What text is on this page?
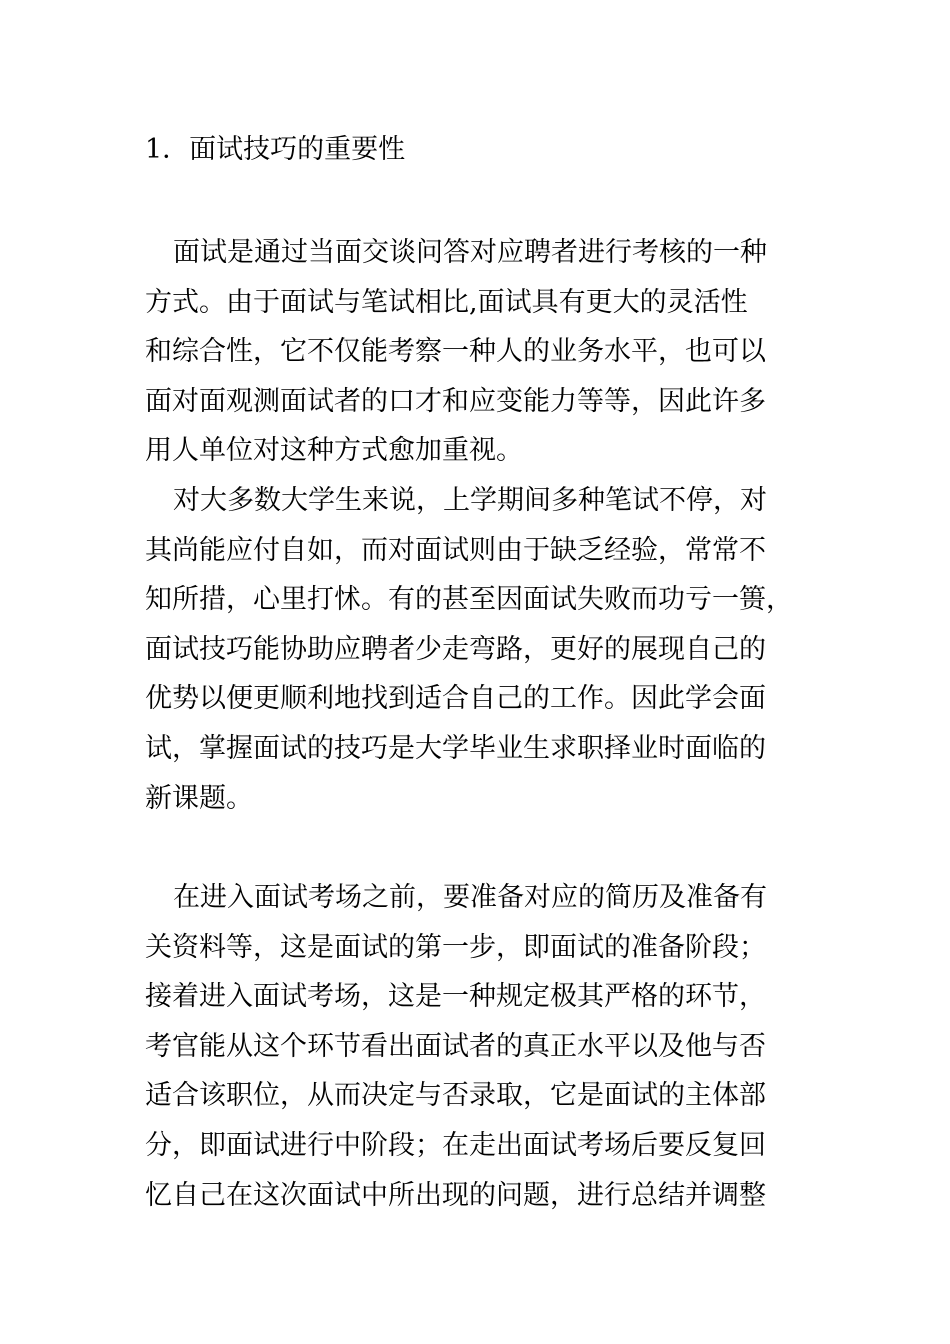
1．面试技巧的重要性
面试是通过当面交谈问答对应聘者进行考核的一种
方式。由于面试与笔试相比,面试具有更大的灵活性
和综合性，它不仅能考察一种人的业务水平，也可以
面对面观测面试者的口才和应变能力等等，因此许多
用人单位对这种方式愈加重视。
对大多数大学生来说，上学期间多种笔试不停，对
其尚能应付自如，而对面试则由于缺乏经验，常常不
知所措，心里打怵。有的甚至因面试失败而功亏一篑，
面试技巧能协助应聘者少走弯路，更好的展现自己的
优势以便更顺利地找到适合自己的工作。因此学会面
试，掌握面试的技巧是大学毕业生求职择业时面临的
新课题。
在进入面试考场之前，要准备对应的简历及准备有
关资料等，这是面试的第一步，即面试的准备阶段；
接着进入面试考场，这是一种规定极其严格的环节，
考官能从这个环节看出面试者的真正水平以及他与否
适合该职位，从而决定与否录取，它是面试的主体部
分，即面试进行中阶段；在走出面试考场后要反复回
忆自己在这次面试中所出现的问题，进行总结并调整
